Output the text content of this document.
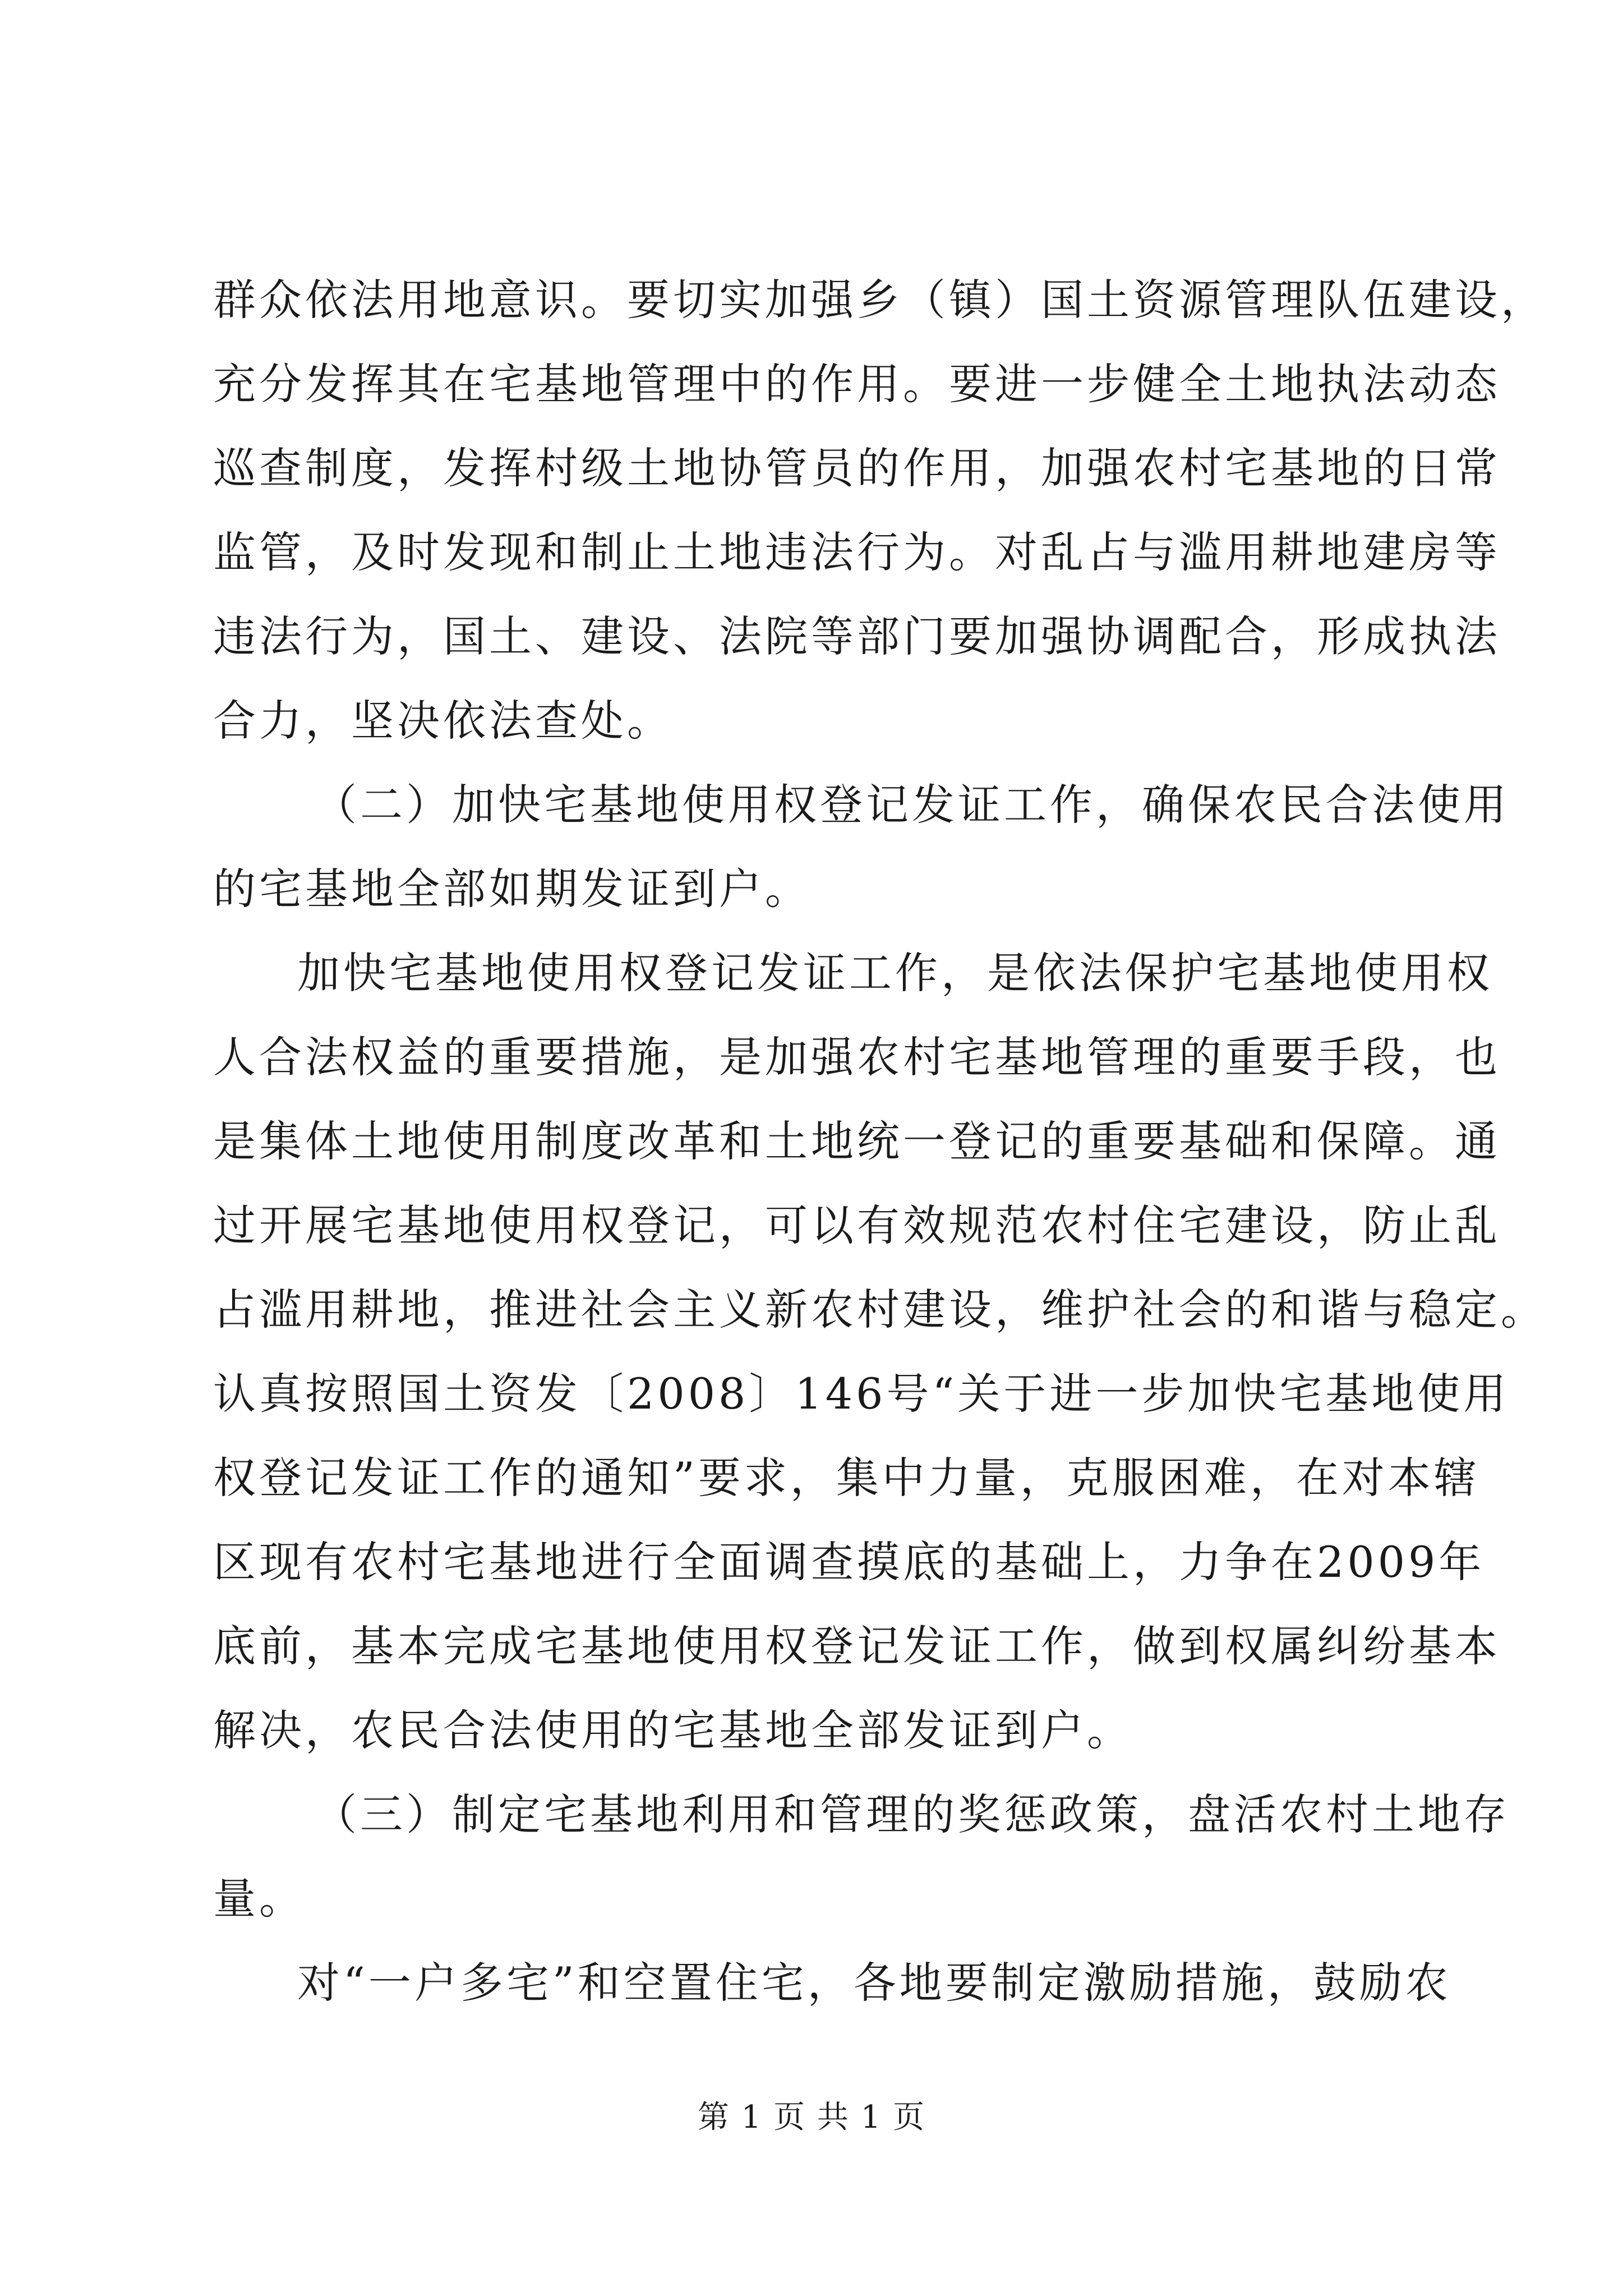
群众依法用地意识。要切实加强乡（镇）国土资源管理队伍建设，
充分发挥其在宅基地管理中的作用。要进一步健全土地执法动态
巡查制度，发挥村级土地协管员的作用，加强农村宅基地的日常
监管，及时发现和制止土地违法行为。对乱占与滥用耕地建房等
违法行为，国土、建设、法院等部门要加强协调配合，形成执法
合力，坚决依法查处。
（二）加快宅基地使用权登记发证工作，确保农民合法使用
的宅基地全部如期发证到户。
加快宅基地使用权登记发证工作，是依法保护宅基地使用权
人合法权益的重要措施，是加强农村宅基地管理的重要手段，也
是集体土地使用制度改革和土地统一登记的重要基础和保障。通
过开展宅基地使用权登记，可以有效规范农村住宅建设，防止乱
占滥用耕地，推进社会主义新农村建设，维护社会的和谐与稳定。
认真按照国土资发〔2008〕146号“关于进一步加快宅基地使用
权登记发证工作的通知”要求，集中力量，克服困难，在对本辖
区现有农村宅基地进行全面调查摸底的基础上，力争在2009年
底前，基本完成宅基地使用权登记发证工作，做到权属纠纷基本
解决，农民合法使用的宅基地全部发证到户。
（三）制定宅基地利用和管理的奖惩政策，盘活农村土地存
量。
对“一户多宅”和空置住宅，各地要制定激励措施，鼓励农
第 1 页 共 1 页
